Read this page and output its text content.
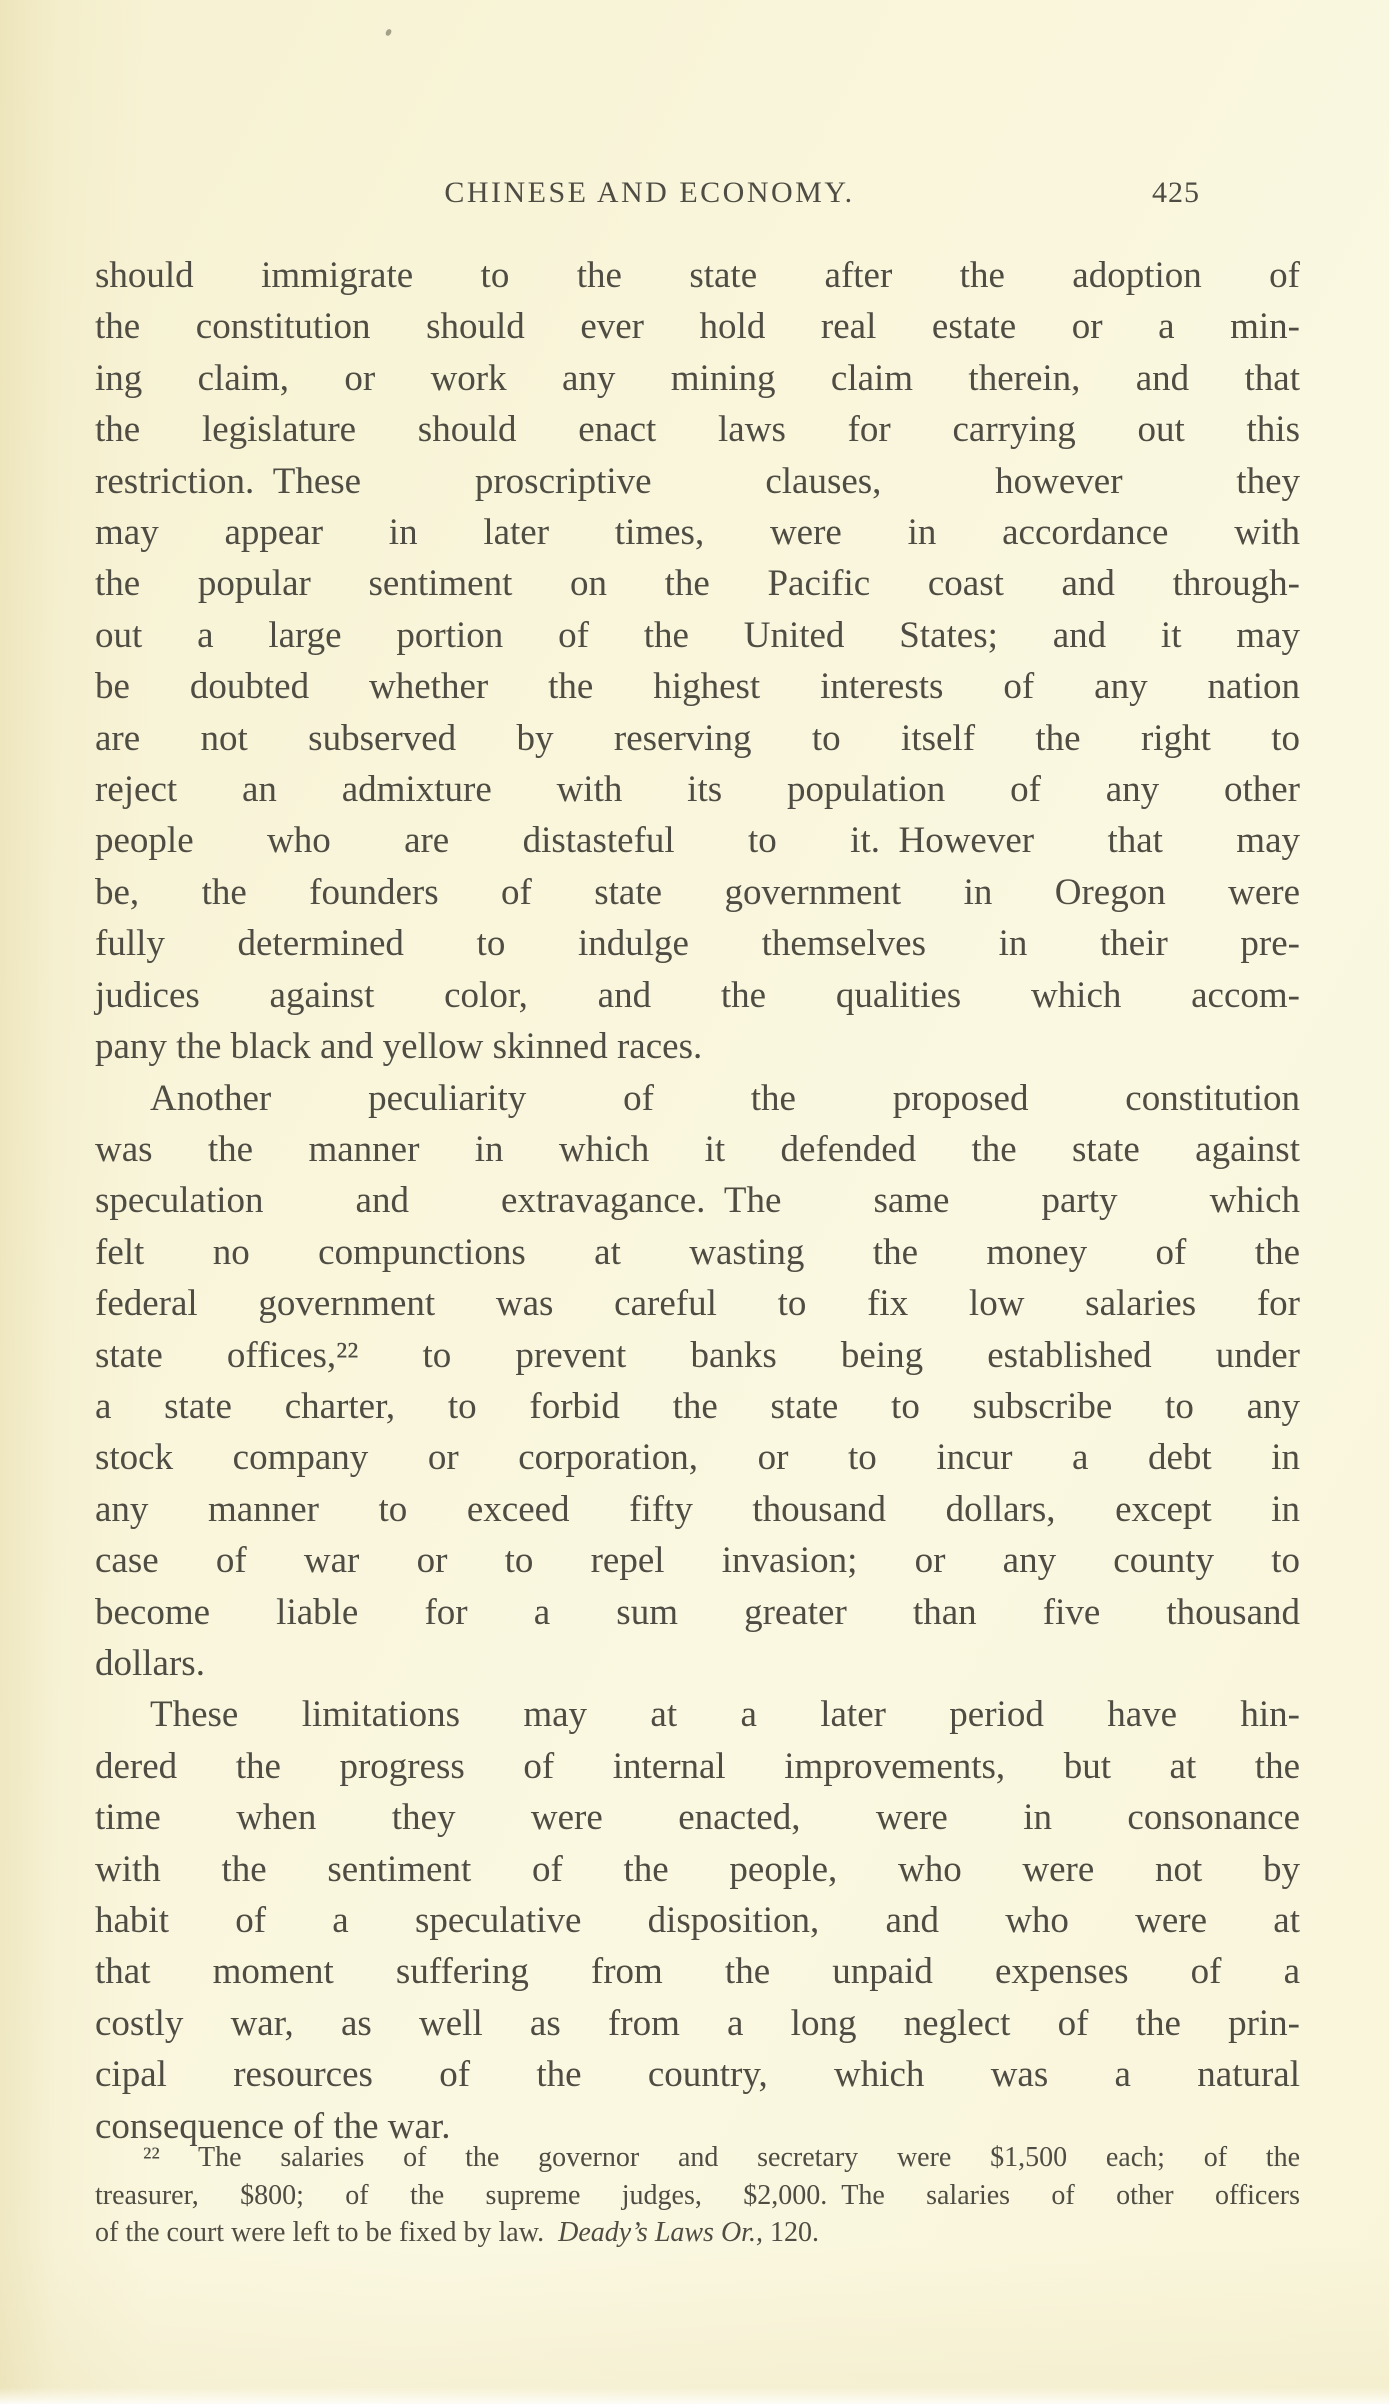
CHINESE AND ECONOMY.	425

should immigrate to the state after the adoption of
the constitution should ever hold real estate or a min-
ing claim, or work any mining claim therein, and that
the legislature should enact laws for carrying out this
restriction. These proscriptive clauses, however they
may appear in later times, were in accordance with
the popular sentiment on the Pacific coast and through-
out a large portion of the United States; and it may
be doubted whether the highest interests of any nation
are not subserved by reserving to itself the right to
reject an admixture with its population of any other
people who are distasteful to it. However that may
be, the founders of state government in Oregon were
fully determined to indulge themselves in their pre-
judices against color, and the qualities which accom-
pany the black and yellow skinned races.

Another peculiarity of the proposed constitution
was the manner in which it defended the state against
speculation and extravagance. The same party which
felt no compunctions at wasting the money of the
federal government was careful to fix low salaries for
state offices,²² to prevent banks being established under
a state charter, to forbid the state to subscribe to any
stock company or corporation, or to incur a debt in
any manner to exceed fifty thousand dollars, except in
case of war or to repel invasion; or any county to
become liable for a sum greater than five thousand
dollars.

These limitations may at a later period have hin-
dered the progress of internal improvements, but at the
time when they were enacted, were in consonance
with the sentiment of the people, who were not by
habit of a speculative disposition, and who were at
that moment suffering from the unpaid expenses of a
costly war, as well as from a long neglect of the prin-
cipal resources of the country, which was a natural
consequence of the war.

²² The salaries of the governor and secretary were $1,500 each; of the
treasurer, $800; of the supreme judges, $2,000. The salaries of other officers
of the court were left to be fixed by law. Deady’s Laws Or., 120.
